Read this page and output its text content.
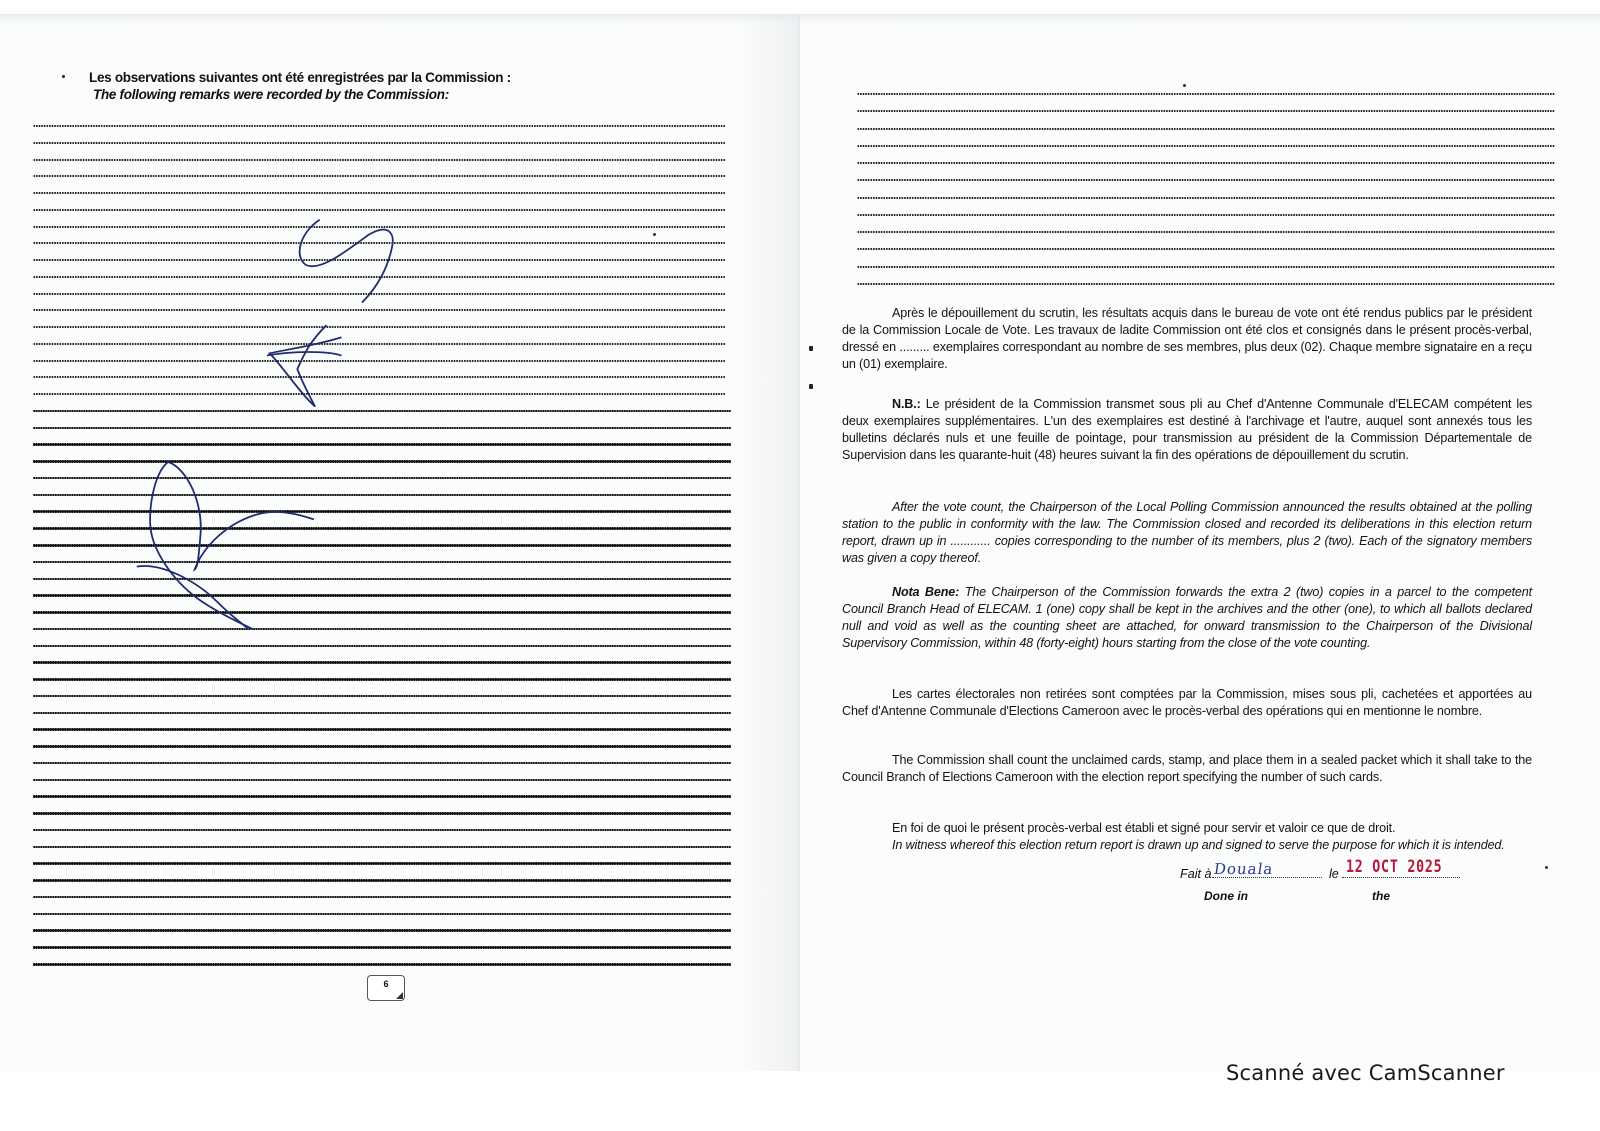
Les observations suivantes ont été enregistrées par la Commission :
The following remarks were recorded by the Commission:
6
Après le dépouillement du scrutin, les résultats acquis dans le bureau de vote ont été rendus publics par le président de la Commission Locale de Vote. Les travaux de ladite Commission ont été clos et consignés dans le présent procès-verbal, dressé en ......... exemplaires correspondant au nombre de ses membres, plus deux (02). Chaque membre signataire en a reçu un (01) exemplaire.
N.B.: Le président de la Commission transmet sous pli au Chef d'Antenne Communale d'ELECAM compétent les deux exemplaires supplémentaires. L'un des exemplaires est destiné à l'archivage et l'autre, auquel sont annexés tous les bulletins déclarés nuls et une feuille de pointage, pour transmission au président de la Commission Départementale de Supervision dans les quarante-huit (48) heures suivant la fin des opérations de dépouillement du scrutin.
After the vote count, the Chairperson of the Local Polling Commission announced the results obtained at the polling station to the public in conformity with the law. The Commission closed and recorded its deliberations in this election return report, drawn up in ............ copies corresponding to the number of its members, plus 2 (two). Each of the signatory members was given a copy thereof.
Nota Bene: The Chairperson of the Commission forwards the extra 2 (two) copies in a parcel to the competent Council Branch Head of ELECAM. 1 (one) copy shall be kept in the archives and the other (one), to which all ballots declared null and void as well as the counting sheet are attached, for onward transmission to the Chairperson of the Divisional Supervisory Commission, within 48 (forty-eight) hours starting from the close of the vote counting.
Les cartes électorales non retirées sont comptées par la Commission, mises sous pli, cachetées et apportées au Chef d'Antenne Communale d'Elections Cameroon avec le procès-verbal des opérations qui en mentionne le nombre.
The Commission shall count the unclaimed cards, stamp, and place them in a sealed packet which it shall take to the Council Branch of Elections Cameroon with the election report specifying the number of such cards.
En foi de quoi le présent procès-verbal est établi et signé pour servir et valoir ce que de droit.
In witness whereof this election return report is drawn up and signed to serve the purpose for which it is intended.
Fait à Douala	le 12 OCT 2025
Done in	the
Scanné avec CamScanner
